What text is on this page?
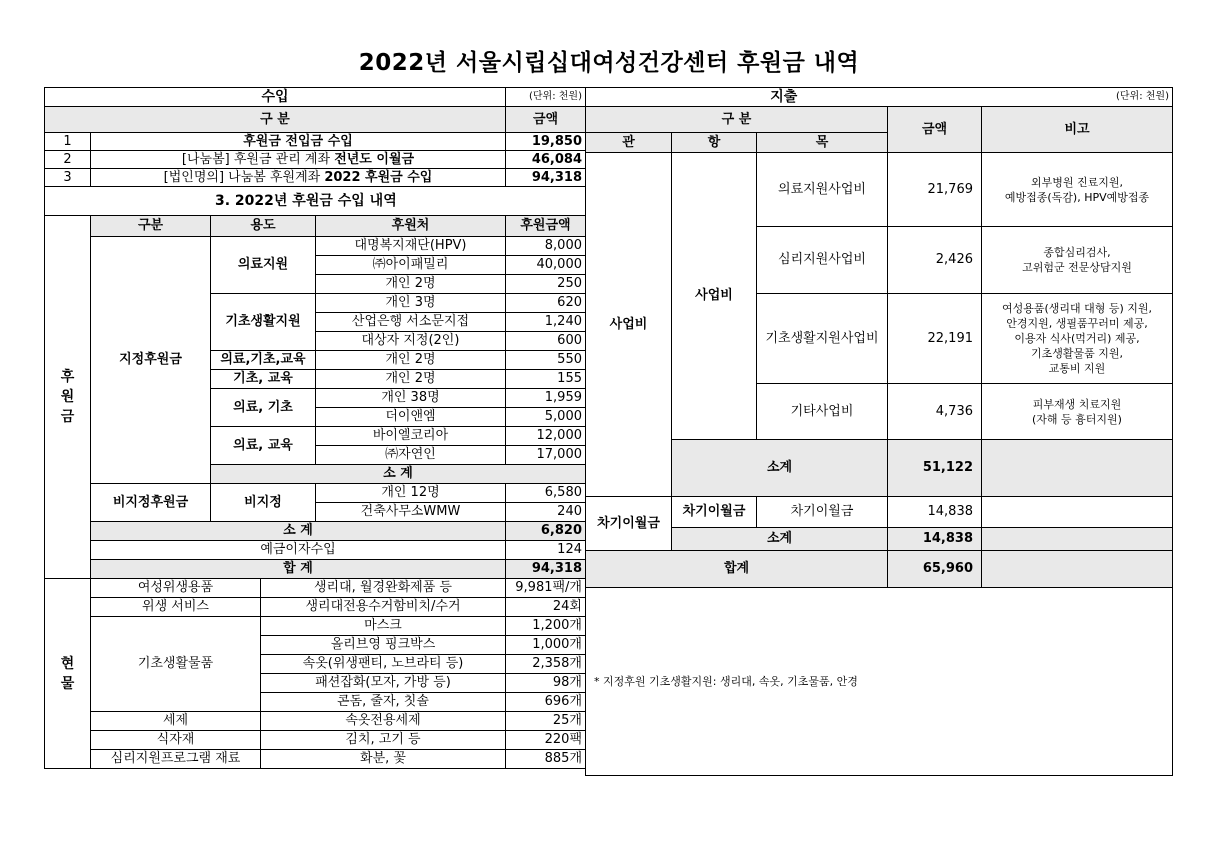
2022년 서울시립십대여성건강센터 후원금 내역
수입					(단위: 천원)	
구 분					금액	
1	후원금 전입금 수입				19,850	
2	[나눔봄] 후원금 관리 계좌 전년도 이월금				46,084	
3	[법인명의] 나눔봄 후원계좌 2022 후원금 수입				94,318	
3. 2022년 후원금 수입 내역						
후
원
금	구분	용도		후원처	후원금액	
	지정후원금	의료지원		대명복지재단(HPV)	8,000	
				㈜아이패밀리	40,000	
				개인 2명	250	
		기초생활지원		개인 3명	620	
				산업은행 서소문지접	1,240	
				대상자 지정(2인)	600	
		의료,기초,교육		개인 2명	550	
		기초, 교육		개인 2명	155	
		의료, 기초		개인 38명	1,959	
				더이앤엠	5,000	
		의료, 교육		바이엘코리아	12,000	
				㈜자연인	17,000	
		소 계	
	비지정후원금	비지정		개인 12명	6,580	
				건축사무소WMW	240	
	소 계				6,820	
	예금이자수입				124	
	합 계				94,318	
현
물	여성위생용품		생리대, 월경완화제품 등		9,981팩/개	
	위생 서비스		생리대전용수거함비치/수거		24회	
	기초생활물품		마스크		1,200개	
			올리브영 핑크박스		1,000개	
			속옷(위생팬티, 노브라티 등)		2,358개	
			패션잡화(모자, 가방 등)		98개	
			콘돔, 줄자, 칫솔		696개	
	세제		속옷전용세제		25개	
	식자재		김치, 고기 등		220팩	
	심리지원프로그램 재료		화분, 꽃		885개	
지출				(단위: 천원)
구 분			금액	비고
관	항	목		
사업비	사업비	의료지원사업비	21,769	외부병원 진료지원,
예방접종(독감), HPV예방접종
		심리지원사업비	2,426	종합심리검사,
고위험군 전문상담지원
		기초생활지원사업비	22,191	여성용품(생리대 대형 등) 지원,
안경지원, 생필품꾸러미 제공,
이용자 식사(먹거리) 제공,
기초생활물품 지원,
교통비 지원
		기타사업비	4,736	피부재생 치료지원
(자해 등 흉터지원)
	소계		51,122	
차기이월금	차기이월금	차기이월금	14,838	
	소계		14,838	
합계			65,960	
* 지정후원 기초생활지원: 생리대, 속옷, 기초물품, 안경				
